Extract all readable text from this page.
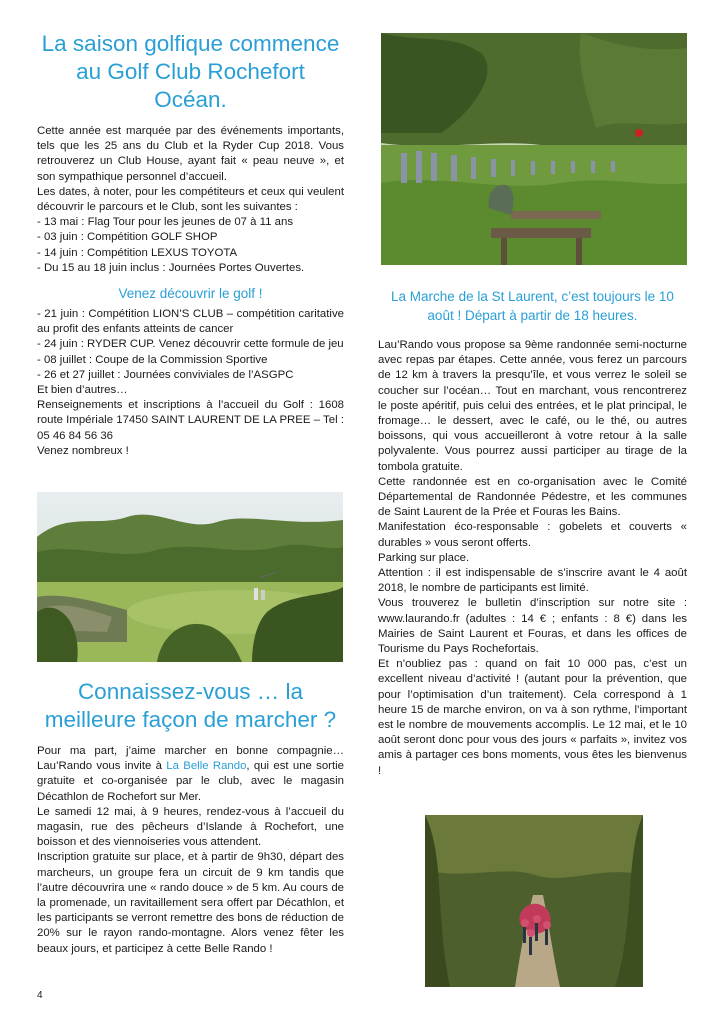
La saison golfique commence
au Golf Club Rochefort Océan.

Cette année est marquée par des événements importants, tels que les 25 ans du Club et la Ryder Cup 2018. Vous retrouverez un Club House, ayant fait « peau neuve », et son sympathique personnel d’accueil.

Les dates, à noter, pour les compétiteurs et ceux qui veulent découvrir le parcours et le Club, sont les suivantes :

- 13 mai : Flag Tour pour les jeunes de 07 à 11 ans

- 03 juin : Compétition GOLF SHOP

- 14 juin : Compétition LEXUS TOYOTA

- Du 15 au 18 juin inclus : Journées Portes Ouvertes.

Venez découvrir le golf !

- 21 juin : Compétition LION’S CLUB – compétition caritative au profit des enfants atteints de cancer

- 24 juin : RYDER CUP. Venez découvrir cette formule de jeu

- 08 juillet : Coupe de la Commission Sportive

- 26 et 27 juillet : Journées conviviales de l’ASGPC

Et bien d’autres…

Renseignements et inscriptions à l’accueil du Golf : 1608 route Impériale 17450 SAINT LAURENT DE LA PREE – Tel : 05 46 84 56 36

Venez nombreux !

Connaissez-vous … la
meilleure façon de marcher ?

Pour ma part, j’aime marcher en bonne compagnie… Lau’Rando vous invite à La Belle Rando, qui est une sortie gratuite et co-organisée par le club, avec le magasin Décathlon de Rochefort sur Mer.

Le samedi 12 mai, à 9 heures, rendez-vous à l’accueil du magasin, rue des pêcheurs d’Islande à Rochefort, une boisson et des viennoiseries vous attendent.

Inscription gratuite sur place, et à partir de 9h30, départ des marcheurs, un groupe fera un circuit de 9 km tandis que l’autre découvrira une « rando douce » de 5 km. Au cours de la promenade, un ravitaillement sera offert par Décathlon, et les participants se verront remettre des bons de réduction de 20% sur le rayon rando-montagne. Alors venez fêter les beaux jours, et participez à cette Belle Rando !

La Marche de la St Laurent, c’est toujours le 10
août ! Départ à partir de 18 heures.

Lau’Rando vous propose sa 9ème randonnée semi-nocturne avec repas par étapes. Cette année, vous ferez un parcours de 12 km à travers la presqu’île, et vous verrez le soleil se coucher sur l’océan… Tout en marchant, vous rencontrerez le poste apéritif, puis celui des entrées, et le plat principal, le fromage… le dessert, avec le café, ou le thé, ou autres boissons, qui vous accueilleront à votre retour à la salle polyvalente. Vous pourrez aussi participer au tirage de la tombola gratuite.

Cette randonnée est en co-organisation avec le Comité Départemental de Randonnée Pédestre, et les communes de Saint Laurent de la Prée et Fouras les Bains.

Manifestation éco-responsable : gobelets et couverts « durables » vous seront offerts.

Parking sur place.

Attention : il est indispensable de s’inscrire avant le 4 août 2018, le nombre de participants est limité.

Vous trouverez le bulletin d’inscription sur notre site : www.laurando.fr (adultes : 14 € ; enfants : 8 €) dans les Mairies de Saint Laurent et Fouras, et dans les offices de Tourisme du Pays Rochefortais.

Et n’oubliez pas : quand on fait 10 000 pas, c’est un excellent niveau d’activité ! (autant pour la prévention, que pour l’optimisation d’un traitement). Cela correspond à 1 heure 15 de marche environ, on va à son rythme, l’important est le nombre de mouvements accomplis. Le 12 mai, et le 10 août seront donc pour vous des jours « parfaits », invitez vos amis à partager ces bons moments, vous êtes les bienvenus !

4
